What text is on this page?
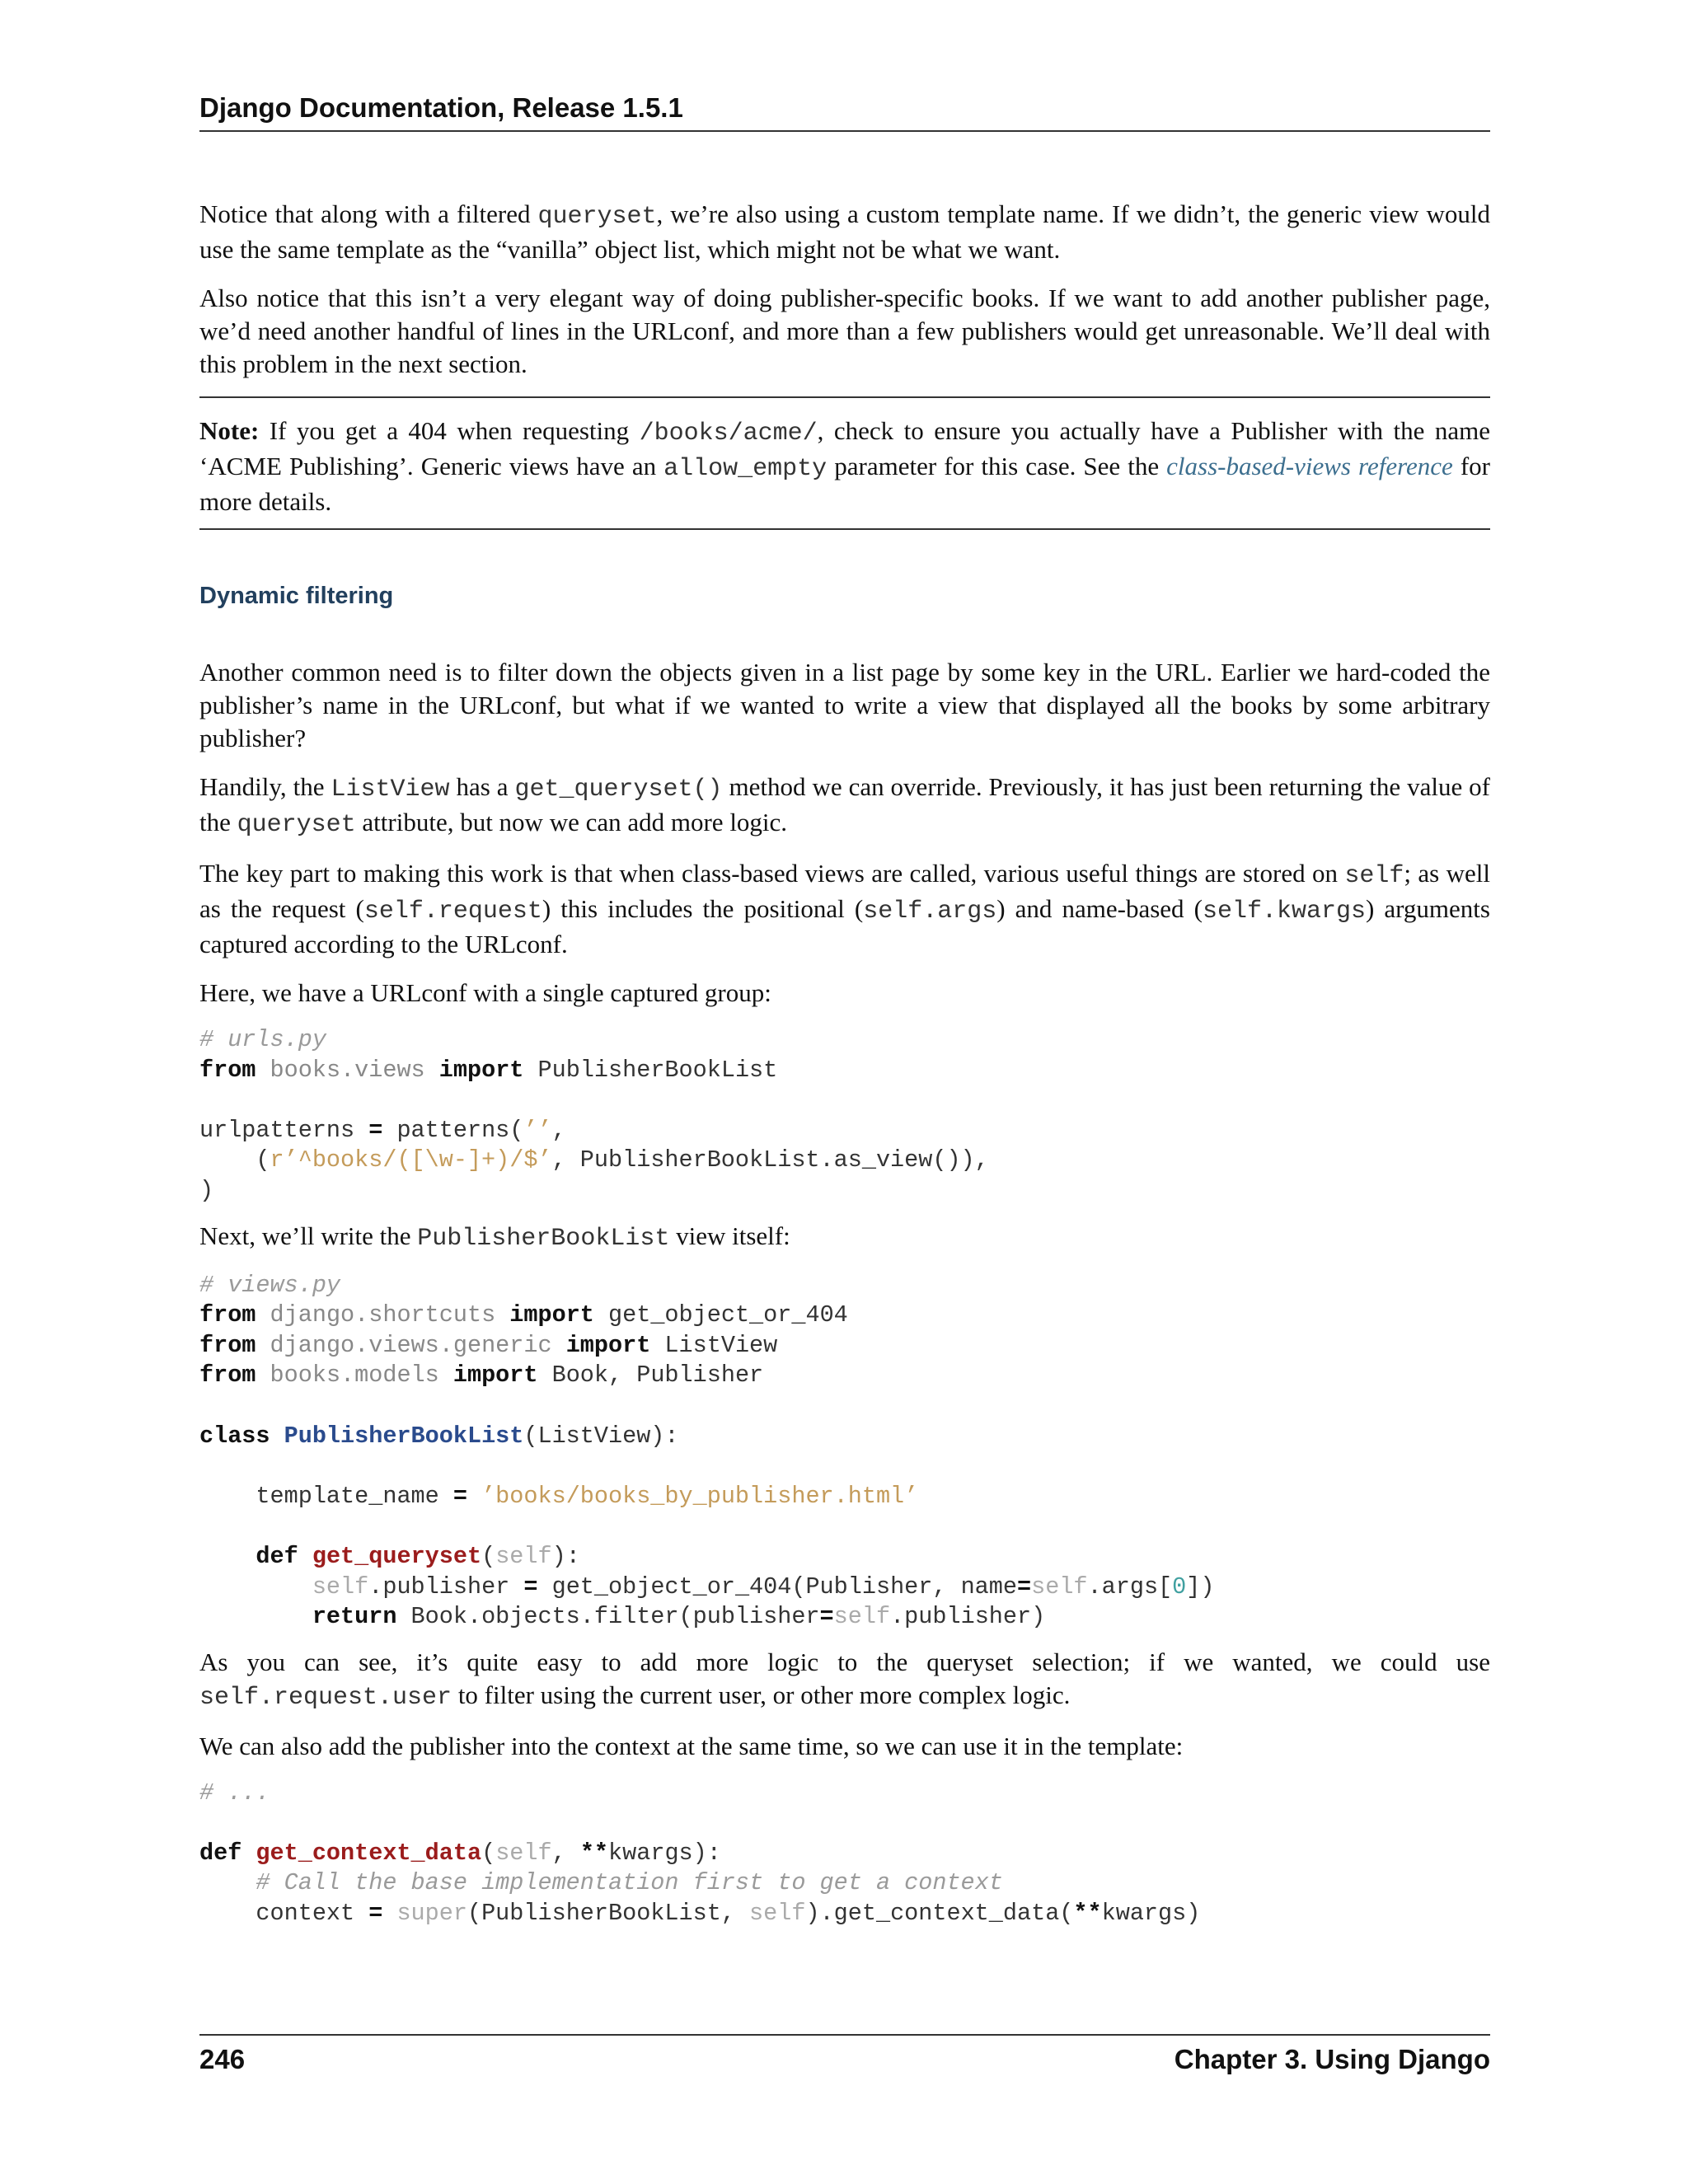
Django Documentation, Release 1.5.1

Notice that along with a filtered queryset, we’re also using a custom template name. If we didn’t, the generic view would use the same template as the “vanilla” object list, which might not be what we want.

Also notice that this isn’t a very elegant way of doing publisher-specific books. If we want to add another publisher page, we’d need another handful of lines in the URLconf, and more than a few publishers would get unreasonable. We’ll deal with this problem in the next section.

Note: If you get a 404 when requesting /books/acme/, check to ensure you actually have a Publisher with the name ‘ACME Publishing’. Generic views have an allow_empty parameter for this case. See the class-based-views reference for more details.

Dynamic filtering

Another common need is to filter down the objects given in a list page by some key in the URL. Earlier we hard-coded the publisher’s name in the URLconf, but what if we wanted to write a view that displayed all the books by some arbitrary publisher?

Handily, the ListView has a get_queryset() method we can override. Previously, it has just been returning the value of the queryset attribute, but now we can add more logic.

The key part to making this work is that when class-based views are called, various useful things are stored on self; as well as the request (self.request) this includes the positional (self.args) and name-based (self.kwargs) arguments captured according to the URLconf.

Here, we have a URLconf with a single captured group:

# urls.py
from books.views import PublisherBookList

urlpatterns = patterns(’’,
(r’^books/([\w-]+)/$’, PublisherBookList.as_view()),
)

Next, we’ll write the PublisherBookList view itself:

# views.py
from django.shortcuts import get_object_or_404
from django.views.generic import ListView
from books.models import Book, Publisher

class PublisherBookList(ListView):

template_name = ’books/books_by_publisher.html’

def get_queryset(self):
self.publisher = get_object_or_404(Publisher, name=self.args[0])
return Book.objects.filter(publisher=self.publisher)

As you can see, it’s quite easy to add more logic to the queryset selection; if we wanted, we could use self.request.user to filter using the current user, or other more complex logic.

We can also add the publisher into the context at the same time, so we can use it in the template:

# ...

def get_context_data(self, **kwargs):
# Call the base implementation first to get a context
context = super(PublisherBookList, self).get_context_data(**kwargs)
246	Chapter 3. Using Django
